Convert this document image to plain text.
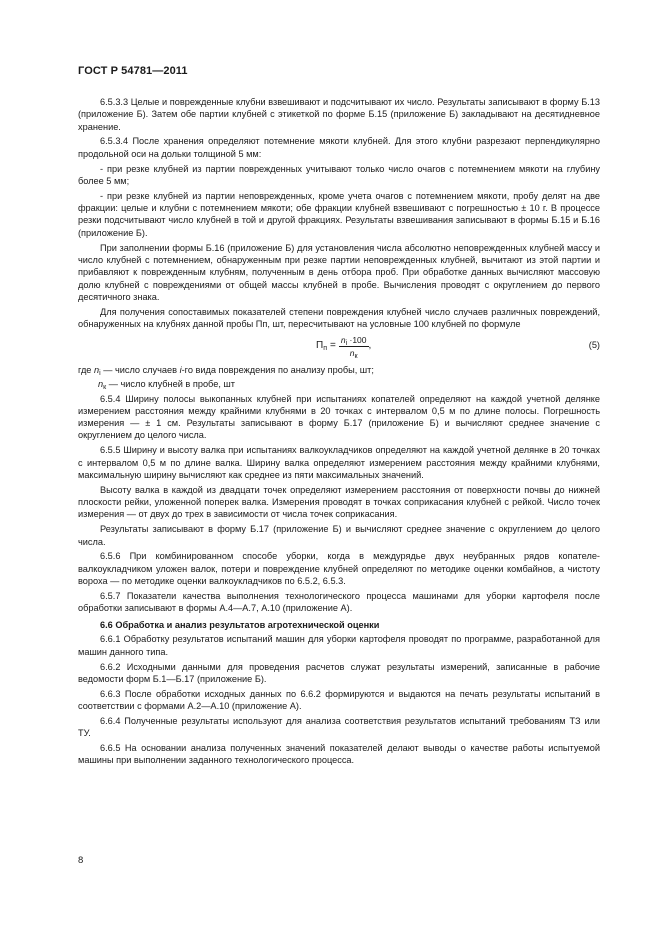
ГОСТ Р 54781—2011

6.5.3.3 Целые и поврежденные клубни взвешивают и подсчитывают их число. Результаты записывают в форму Б.13 (приложение Б). Затем обе партии клубней с этикеткой по форме Б.15 (приложение Б) закладывают на десятидневное хранение.

6.5.3.4 После хранения определяют потемнение мякоти клубней. Для этого клубни разрезают перпендикулярно продольной оси на дольки толщиной 5 мм:

- при резке клубней из партии поврежденных учитывают только число очагов с потемнением мякоти на глубину более 5 мм;

- при резке клубней из партии неповрежденных, кроме учета очагов с потемнением мякоти, пробу делят на две фракции: целые и клубни с потемнением мякоти; обе фракции клубней взвешивают с погрешностью ± 10 г. В процессе резки подсчитывают число клубней в той и другой фракциях. Результаты взвешивания записывают в формы Б.15 и Б.16 (приложение Б).

При заполнении формы Б.16 (приложение Б) для установления числа абсолютно неповрежденных клубней массу и число клубней с потемнением, обнаруженным при резке партии неповрежденных клубней, вычитают из этой партии и прибавляют к поврежденным клубням, полученным в день отбора проб. При обработке данных вычисляют массовую долю клубней с повреждениями от общей массы клубней в пробе. Вычисления проводят с округлением до первого десятичного знака.

Для получения сопоставимых показателей степени повреждения клубней число случаев различных повреждений, обнаруженных на клубнях данной пробы Пп, шт, пересчитывают на условные 100 клубней по формуле

$П_п = \frac{n_i \cdot 100}{n_к}$ ,	(5)

где $n_i$ — число случаев i-го вида повреждения по анализу пробы, шт;

$n_к$ — число клубней в пробе, шт

6.5.4 Ширину полосы выкопанных клубней при испытаниях копателей определяют на каждой учетной делянке измерением расстояния между крайними клубнями в 20 точках с интервалом 0,5 м по длине полосы. Погрешность измерения — ± 1 см. Результаты записывают в форму Б.17 (приложение Б) и вычисляют среднее значение с округлением до целого числа.

6.5.5 Ширину и высоту валка при испытаниях валкоукладчиков определяют на каждой учетной делянке в 20 точках с интервалом 0,5 м по длине валка. Ширину валка определяют измерением расстояния между крайними клубнями, максимальную ширину вычисляют как среднее из пяти максимальных значений.

Высоту валка в каждой из двадцати точек определяют измерением расстояния от поверхности почвы до нижней плоскости рейки, уложенной поперек валка. Измерения проводят в точках соприкасания клубней с рейкой. Число точек измерения — от двух до трех в зависимости от числа точек соприкасания.

Результаты записывают в форму Б.17 (приложение Б) и вычисляют среднее значение с округлением до целого числа.

6.5.6 При комбинированном способе уборки, когда в междурядье двух неубранных рядов копателе-валкоукладчиком уложен валок, потери и повреждение клубней определяют по методике оценки комбайнов, а чистоту вороха — по методике оценки валкоукладчиков по 6.5.2, 6.5.3.

6.5.7 Показатели качества выполнения технологического процесса машинами для уборки картофеля после обработки записывают в формы А.4—А.7, А.10 (приложение А).

6.6 Обработка и анализ результатов агротехнической оценки

6.6.1 Обработку результатов испытаний машин для уборки картофеля проводят по программе, разработанной для машин данного типа.

6.6.2 Исходными данными для проведения расчетов служат результаты измерений, записанные в рабочие ведомости форм Б.1—Б.17 (приложение Б).

6.6.3 После обработки исходных данных по 6.6.2 формируются и выдаются на печать результаты испытаний в соответствии с формами А.2—А.10 (приложение А).

6.6.4 Полученные результаты используют для анализа соответствия результатов испытаний требованиям ТЗ или ТУ.

6.6.5 На основании анализа полученных значений показателей делают выводы о качестве работы испытуемой машины при выполнении заданного технологического процесса.

8
